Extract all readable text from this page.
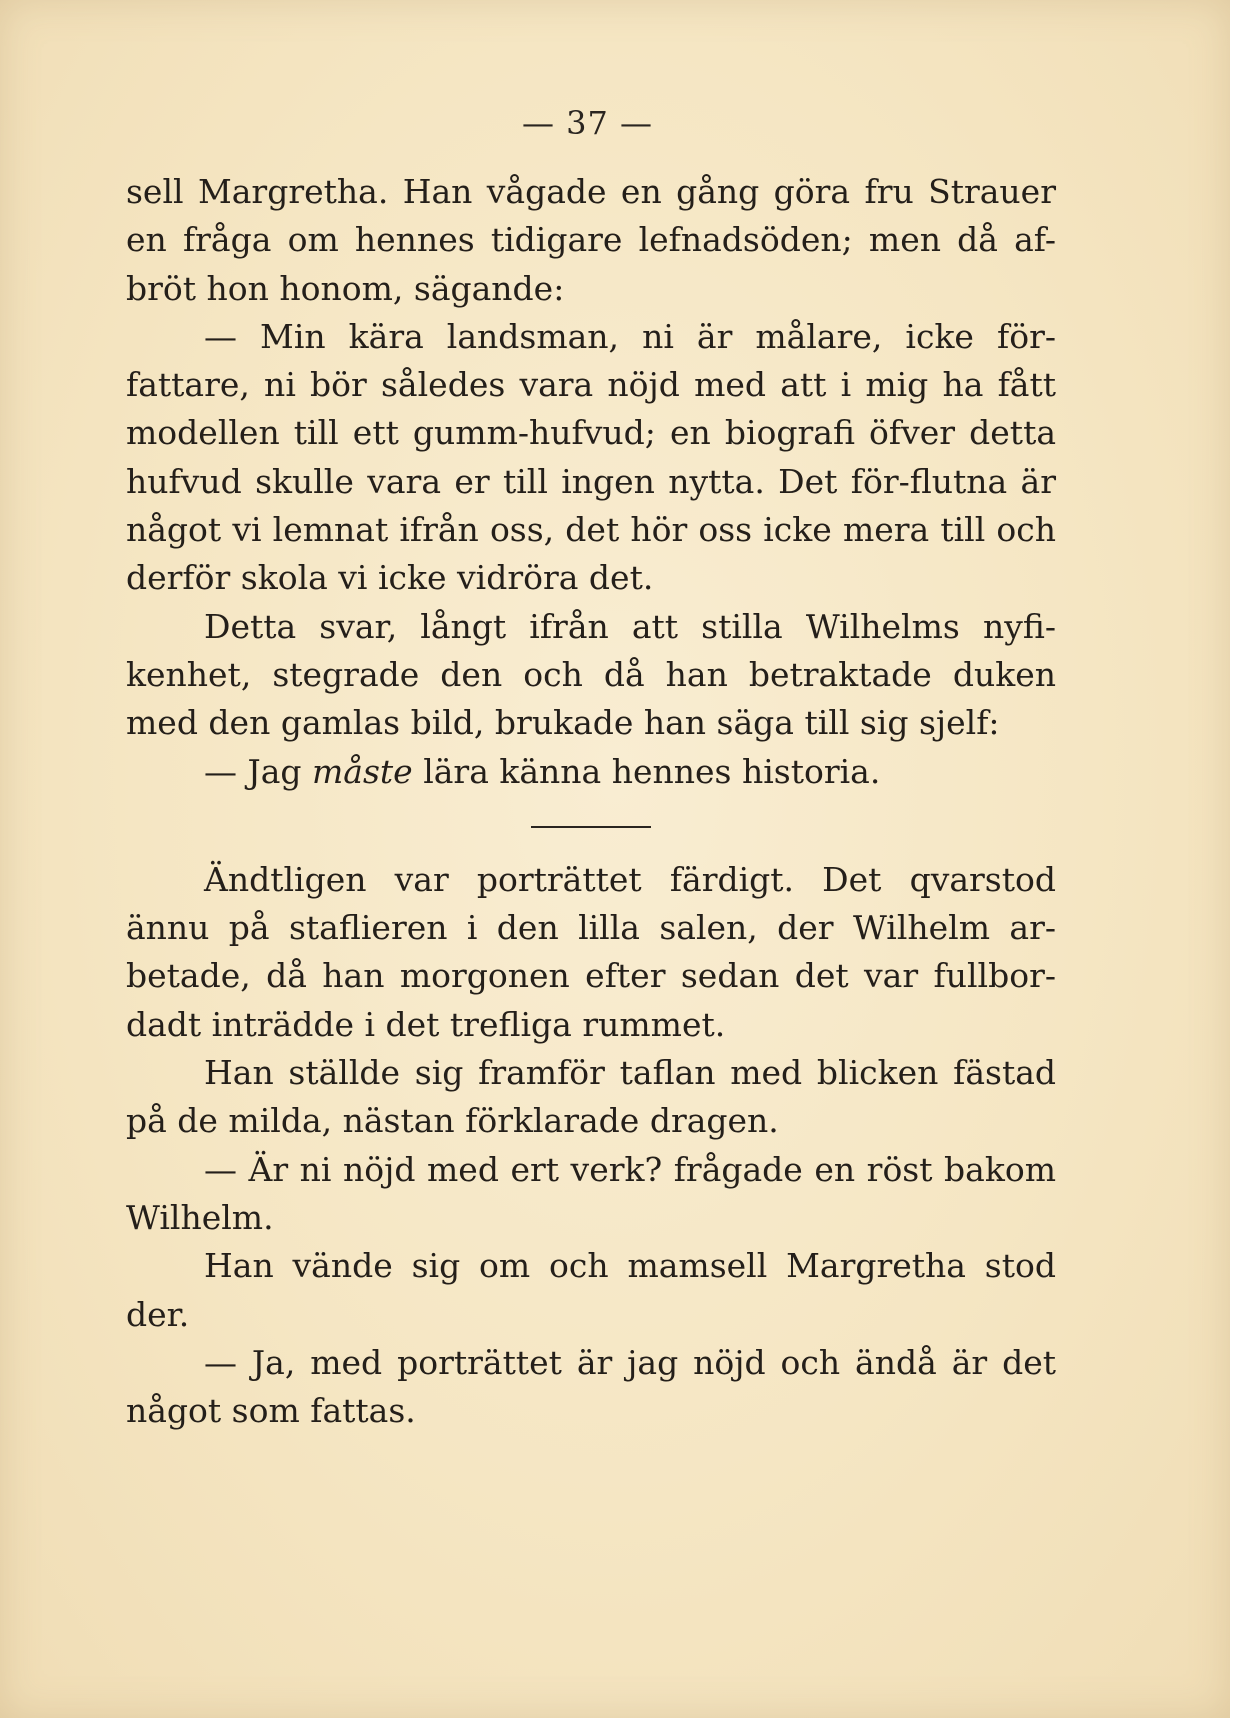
— 37 —

sell Margretha. Han vågade en gång göra fru Strauer en fråga om hennes tidigare lefnadsöden; men då af-bröt hon honom, sägande:

— Min kära landsman, ni är målare, icke för-fattare, ni bör således vara nöjd med att i mig ha fått modellen till ett gumm-hufvud; en biografi öfver detta hufvud skulle vara er till ingen nytta. Det för-flutna är något vi lemnat ifrån oss, det hör oss icke mera till och derför skola vi icke vidröra det.

Detta svar, långt ifrån att stilla Wilhelms nyfi-kenhet, stegrade den och då han betraktade duken med den gamlas bild, brukade han säga till sig sjelf:

— Jag måste lära känna hennes historia.

Ändtligen var porträttet färdigt. Det qvarstod ännu på staflieren i den lilla salen, der Wilhelm ar-betade, då han morgonen efter sedan det var fullbor-dadt inträdde i det trefliga rummet.

Han ställde sig framför taflan med blicken fästad på de milda, nästan förklarade dragen.

— Är ni nöjd med ert verk? frågade en röst bakom Wilhelm.

Han vände sig om och mamsell Margretha stod der.

— Ja, med porträttet är jag nöjd och ändå är det något som fattas.
